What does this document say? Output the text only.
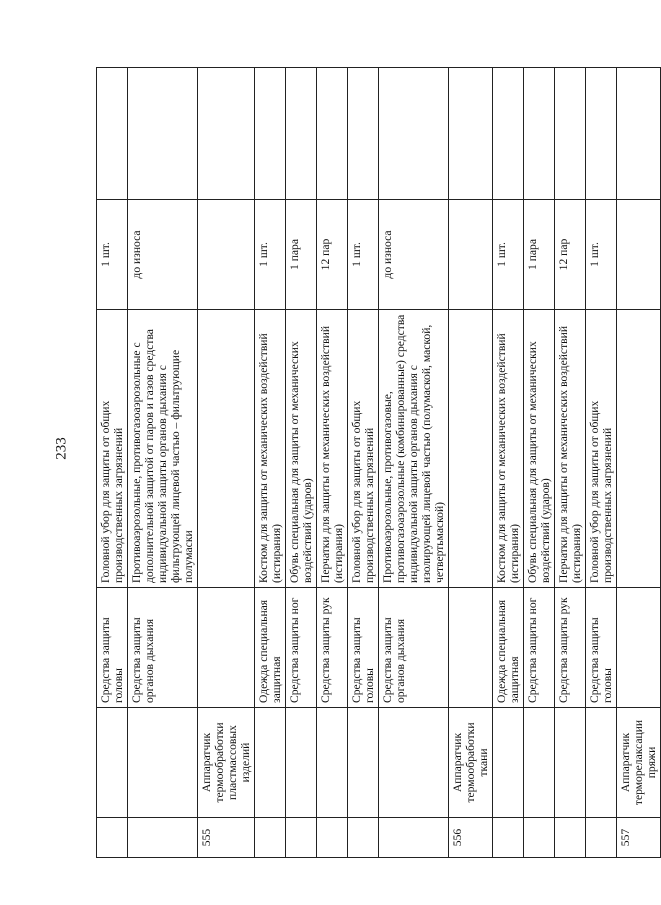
233
		Средства защиты головы	Головной убор для защиты от общих производственных загрязнений	1 шт.	
		Средства защиты органов дыхания	Противоаэрозольные, противогазоаэрозольные с дополнительной защитой от паров и газов средства индивидуальной защиты органов дыхания с фильтрующей лицевой частью – фильтрующие полумаски	до износа	
555	Аппаратчик термообработки пластмассовых изделий				
		Одежда специальная защитная	Костюм для защиты от механических воздействий (истирания)	1 шт.	
		Средства защиты ног	Обувь специальная для защиты от механических воздействий (ударов)	1 пара	
		Средства защиты рук	Перчатки для защиты от механических воздействий (истирания)	12 пар	
		Средства защиты головы	Головной убор для защиты от общих производственных загрязнений	1 шт.	
		Средства защиты органов дыхания	Противоаэрозольные, противогазовые, противогазоаэрозольные (комбинированные) средства индивидуальной защиты органов дыхания с изолирующей лицевой частью (полумаской, маской, четвертьмаской)	до износа	
556	Аппаратчик термообработки ткани				
		Одежда специальная защитная	Костюм для защиты от механических воздействий (истирания)	1 шт.	
		Средства защиты ног	Обувь специальная для защиты от механических воздействий (ударов)	1 пара	
		Средства защиты рук	Перчатки для защиты от механических воздействий (истирания)	12 пар	
		Средства защиты головы	Головной убор для защиты от общих производственных загрязнений	1 шт.	
557	Аппаратчик терморелаксации пряжи				
